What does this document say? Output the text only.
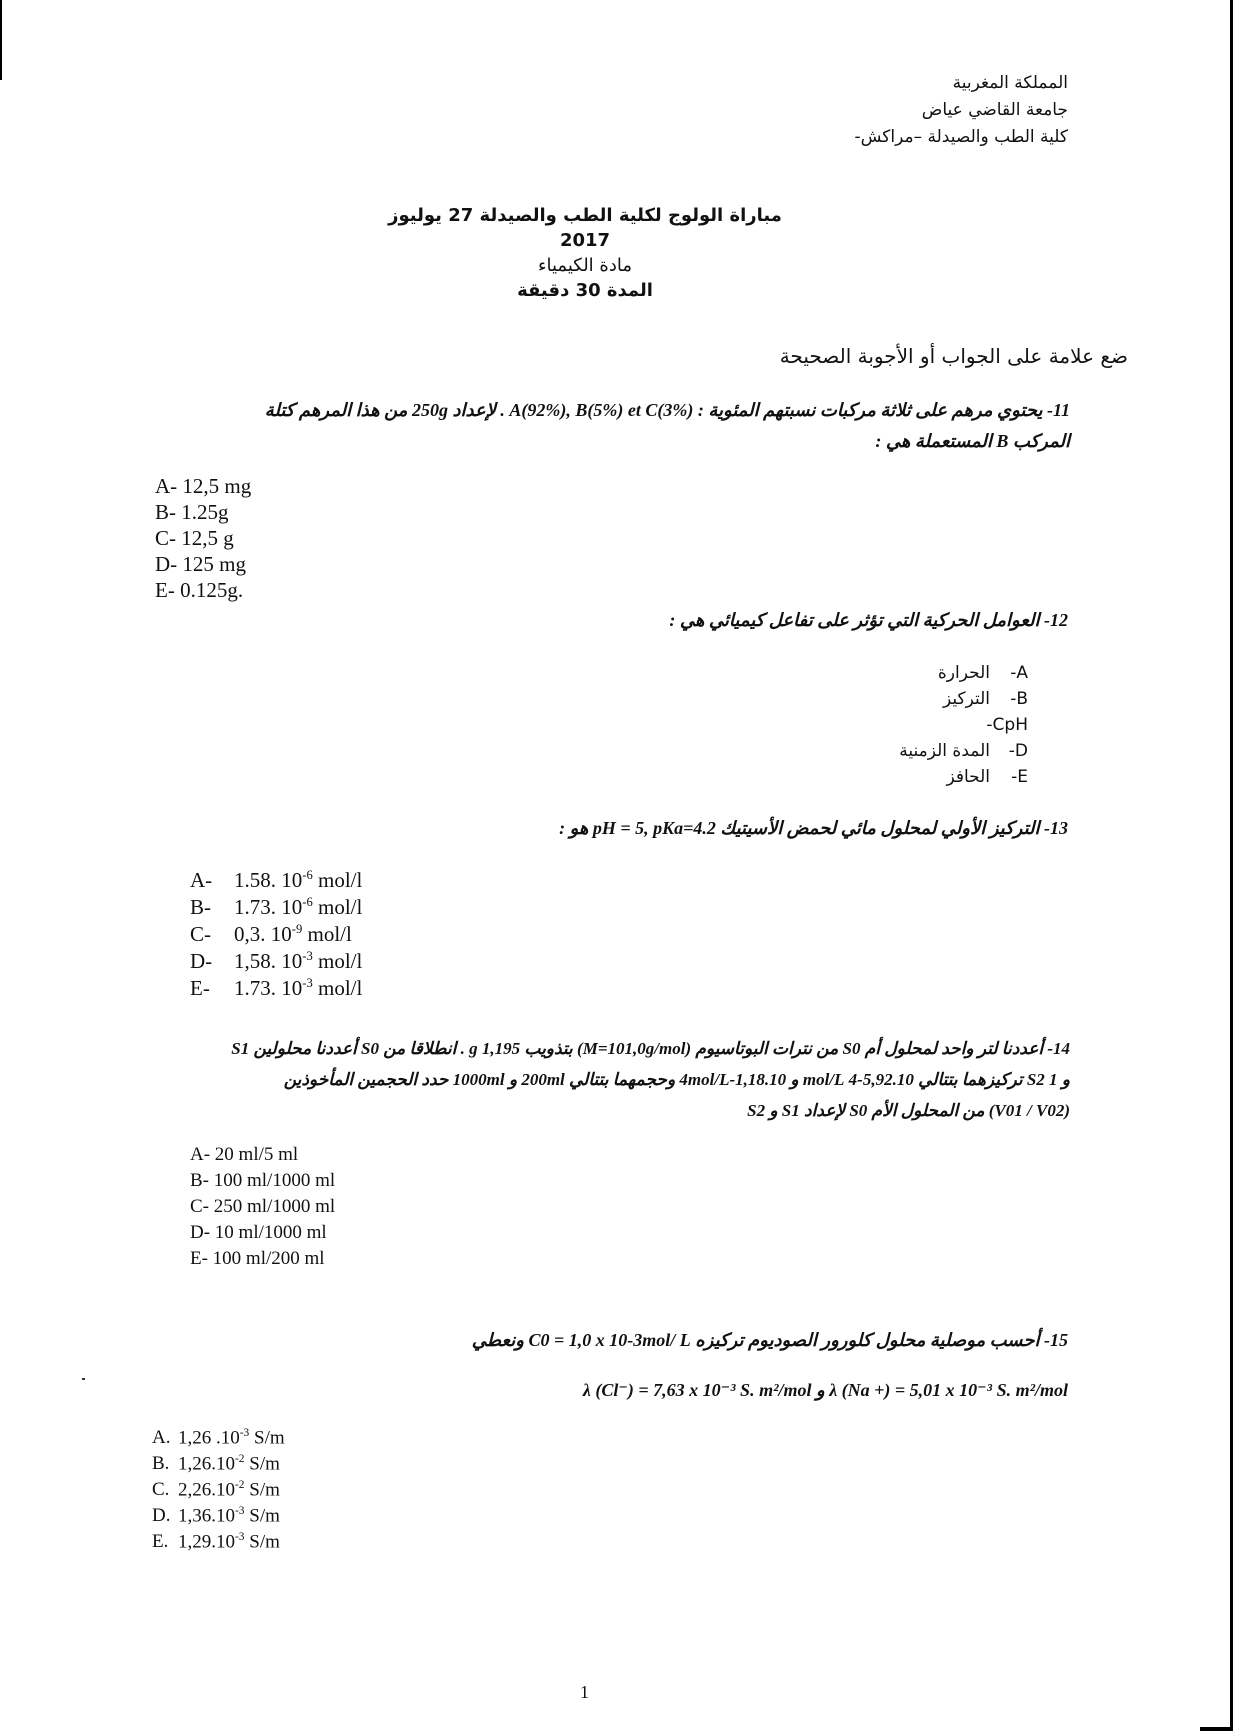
المملكة المغربية
جامعة القاضي عياض
كلية الطب والصيدلة –مراكش-
مباراة الولوج لكلية الطب والصيدلة 27 يوليوز 2017
مادة الكيمياء
المدة 30 دقيقة
ضع علامة على الجواب أو الأجوبة الصحيحة
11- يحتوي مرهم على ثلاثة مركبات نسبتهم المئوية : A(92%), B(5%) et C(3%) . لإعداد 250g من هذا المرهم كتلة
المركب B المستعملة هي :
A- 12,5 mg
B- 1.25g
C- 12,5 g
D- 125 mg
E- 0.125g.
12- العوامل الحركية التي تؤثر على تفاعل كيميائي هي :
A-الحرارة
B-التركيز
C-pH
D-المدة الزمنية
E-الحافز
13- التركيز الأولي لمحلول مائي لحمض الأسيتيك pH = 5, pKa=4.2 هو :
A- 1.58. $10^{-6}$ mol/l
B- 1.73. $10^{-6}$ mol/l
C- 0,3. $10^{-9}$ mol/l
D- 1,58. $10^{-3}$ mol/l
E- 1.73. $10^{-3}$ mol/l
14- أعددنا لتر واحد لمحلول أم S0 من نترات البوتاسيوم (M=101,0g/mol) بتذويب 1,195 g . انطلاقا من S0 أعددنا محلولين S1
و S2 1 تركيزهما بتتالي 5,92.10-4 mol/L و 1,18.10-4mol/L وحجمهما بتتالي 200ml و 1000ml حدد الحجمين المأخوذين
(V01 / V02) من المحلول الأم S0 لإعداد S1 و S2
A- 20 ml/5 ml
B- 100 ml/1000 ml
C- 250 ml/1000 ml
D- 10 ml/1000 ml
E- 100 ml/200 ml
15- أحسب موصلية محلول كلورور الصوديوم تركيزه C0 = 1,0 x 10-3mol/ L ونعطي
λ (Cl⁻) = 7,63 x 10⁻³ S. m²/mol و λ (Na +) = 5,01 x 10⁻³ S. m²/mol
A. 1,26 $.10^{-3}$ S/m
B. $1,26.10^{-2}$ S/m
C. $2,26.10^{-2}$ S/m
D. $1,36.10^{-3}$ S/m
E. $1,29.10^{-3}$ S/m
1
